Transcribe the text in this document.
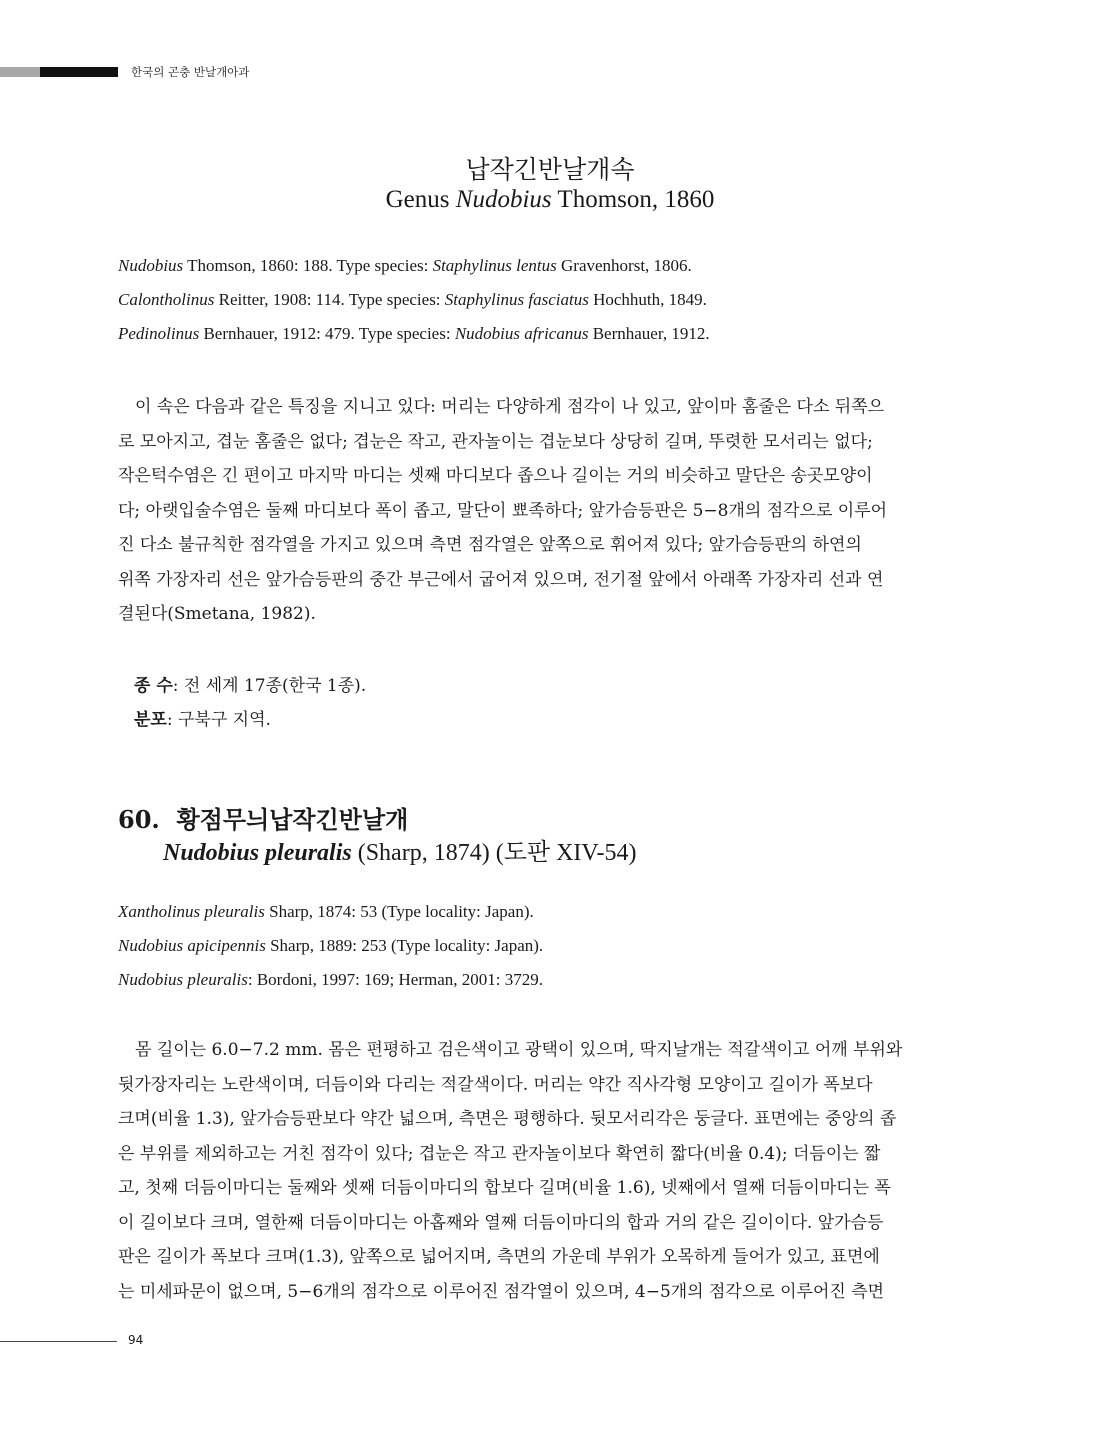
한국의 곤충 반날개아과
납작긴반날개속
Genus Nudobius Thomson, 1860
Nudobius Thomson, 1860: 188. Type species: Staphylinus lentus Gravenhorst, 1806.
Calontholinus Reitter, 1908: 114. Type species: Staphylinus fasciatus Hochhuth, 1849.
Pedinolinus Bernhauer, 1912: 479. Type species: Nudobius africanus Bernhauer, 1912.
이 속은 다음과 같은 특징을 지니고 있다: 머리는 다양하게 점각이 나 있고, 앞이마 홈줄은 다소 뒤쪽으
로 모아지고, 겹눈 홈줄은 없다; 겹눈은 작고, 관자놀이는 겹눈보다 상당히 길며, 뚜렷한 모서리는 없다;
작은턱수염은 긴 편이고 마지막 마디는 셋째 마디보다 좁으나 길이는 거의 비슷하고 말단은 송곳모양이
다; 아랫입술수염은 둘째 마디보다 폭이 좁고, 말단이 뾰족하다; 앞가슴등판은 5−8개의 점각으로 이루어
진 다소 불규칙한 점각열을 가지고 있으며 측면 점각열은 앞쪽으로 휘어져 있다; 앞가슴등판의 하연의
위쪽 가장자리 선은 앞가슴등판의 중간 부근에서 굽어져 있으며, 전기절 앞에서 아래쪽 가장자리 선과 연
결된다(Smetana, 1982).
종 수: 전 세계 17종(한국 1종).
분포: 구북구 지역.
60. 황점무늬납작긴반날개
Nudobius pleuralis (Sharp, 1874) (도판 XIV-54)
Xantholinus pleuralis Sharp, 1874: 53 (Type locality: Japan).
Nudobius apicipennis Sharp, 1889: 253 (Type locality: Japan).
Nudobius pleuralis: Bordoni, 1997: 169; Herman, 2001: 3729.
몸 길이는 6.0−7.2 mm. 몸은 편평하고 검은색이고 광택이 있으며, 딱지날개는 적갈색이고 어깨 부위와
뒷가장자리는 노란색이며, 더듬이와 다리는 적갈색이다. 머리는 약간 직사각형 모양이고 길이가 폭보다
크며(비율 1.3), 앞가슴등판보다 약간 넓으며, 측면은 평행하다. 뒷모서리각은 둥글다. 표면에는 중앙의 좁
은 부위를 제외하고는 거친 점각이 있다; 겹눈은 작고 관자놀이보다 확연히 짧다(비율 0.4); 더듬이는 짧
고, 첫째 더듬이마디는 둘째와 셋째 더듬이마디의 합보다 길며(비율 1.6), 넷째에서 열째 더듬이마디는 폭
이 길이보다 크며, 열한째 더듬이마디는 아홉째와 열째 더듬이마디의 합과 거의 같은 길이이다. 앞가슴등
판은 길이가 폭보다 크며(1.3), 앞쪽으로 넓어지며, 측면의 가운데 부위가 오목하게 들어가 있고, 표면에
는 미세파문이 없으며, 5−6개의 점각으로 이루어진 점각열이 있으며, 4−5개의 점각으로 이루어진 측면
94
